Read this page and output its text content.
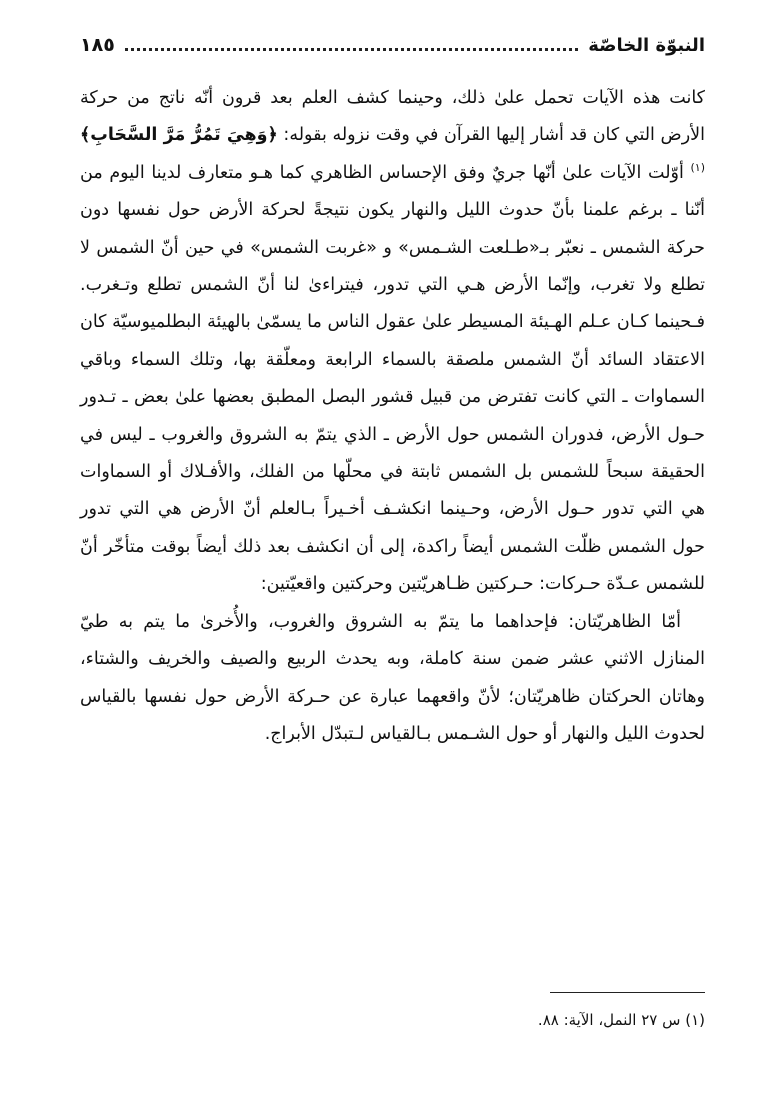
النبوّة الخاصّة
١٨٥

كانت هذه الآيات تحمل علىٰ ذلك، وحينما كشف العلم بعد قرون أنّه ناتج من حركة الأرض التي كان قد أشار إليها القرآن في وقت نزوله بقوله: ﴿وَهِيَ تَمُرُّ مَرَّ السَّحَابِ﴾$^{(١)}$ أوّلت الآيات علىٰ أنّها جريٌ وفق الإحساس الظاهري كما هـو متعارف لدينا اليوم من أنّنا ـ برغم علمنا بأنّ حدوث الليل والنهار يكون نتيجةً لحركة الأرض حول نفسها دون حركة الشمس ـ نعبّر بـ«طـلعت الشـمس» و «غربت الشمس» في حين أنّ الشمس لا تطلع ولا تغرب، وإنّما الأرض هـي التي تدور، فيتراءىٰ لنا أنّ الشمس تطلع وتـغرب. فـحينما كـان عـلم الهـيئة المسيطر علىٰ عقول الناس ما يسمّىٰ بالهيئة البطلميوسيّة كان الاعتقاد السائد أنّ الشمس ملصقة بالسماء الرابعة ومعلّقة بها، وتلك السماء وباقي السماوات ـ التي كانت تفترض من قبيل قشور البصل المطبق بعضها علىٰ بعض ـ تـدور حـول الأرض، فدوران الشمس حول الأرض ـ الذي يتمّ به الشروق والغروب ـ ليس في الحقيقة سبحاً للشمس بل الشمس ثابتة في محلّها من الفلك، والأفـلاك أو السماوات هي التي تدور حـول الأرض، وحـينما انكشـف أخـيراً بـالعلم أنّ الأرض هي التي تدور حول الشمس ظلّت الشمس أيضاً راكدة، إلى أن انكشف بعد ذلك أيضاً بوقت متأخّر أنّ للشمس عـدّة حـركات: حـركتين ظـاهريّتين وحركتين واقعيّتين:

أمّا الظاهريّتان: فإحداهما ما يتمّ به الشروق والغروب، والأُخرىٰ ما يتم به طيّ المنازل الاثني عشر ضمن سنة كاملة، وبه يحدث الربيع والصيف والخريف والشتاء، وهاتان الحركتان ظاهريّتان؛ لأنّ واقعهما عبارة عن حـركة الأرض حول نفسها بالقياس لحدوث الليل والنهار أو حول الشـمس بـالقياس لـتبدّل الأبراج.

(١) س ٢٧ النمل، الآية: ٨٨.
